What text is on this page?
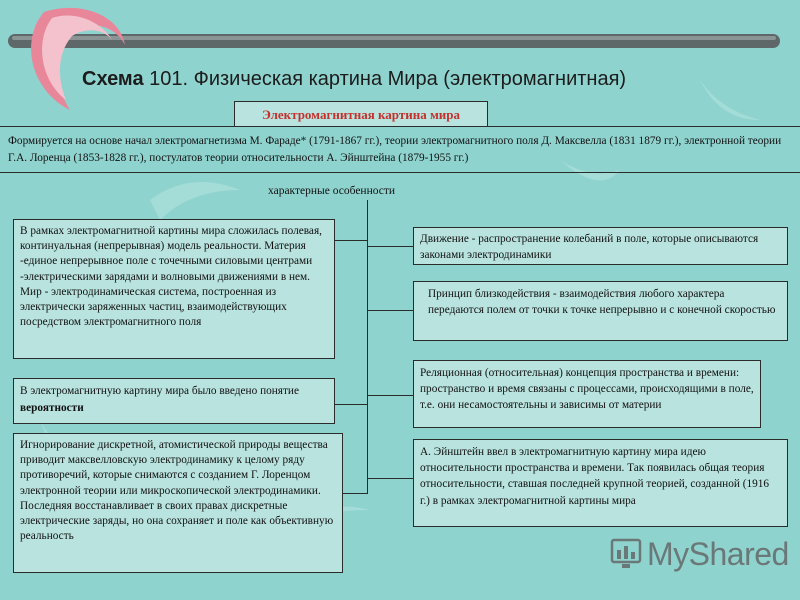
Схема 101. Физическая картина Мира (электромагнитная)
Электромагнитная картина мира
Формируется на основе начал электромагнетизма М. Фараде* (1791-1867 гг.), теории электромагнитного поля Д. Максвелла (1831 1879 гг.), электронной теории Г.А. Лоренца (1853-1828 гг.), постулатов теории относительности А. Эйнштейна (1879-1955 гг.)
характерные особенности
В рамках электромагнитной картины мира сложилась полевая, континуальная (непрерывная) модель реальности. Материя -единое непрерывное поле с точечными силовыми центрами -электрическими зарядами и волновыми движениями в нем. Мир - электродинамическая система, построенная из электрически заряженных частиц, взаимодействующих посредством электромагнитного поля
В электромагнитную картину мира было введено понятие вероятности
Игнорирование дискретной, атомистической природы вещества приводит максвелловскую электродинамику к целому ряду противоречий, которые снимаются с созданием Г. Лоренцом электронной теории или микроскопической электродинамики. Последняя восстанавливает в своих правах дискретные электрические заряды, но она сохраняет и поле как объективную реальность
Движение - распространение колебаний в поле, которые описываются законами электродинамики
Принцип близкодействия - взаимодействия любого характера передаются полем от точки к точке непрерывно и с конечной скоростью
Реляционная (относительная) концепция пространства и времени: пространство и время связаны с процессами, происходящими в поле, т.е. они несамостоятельны и зависимы от материи
А. Эйнштейн ввел в электромагнитную картину мира идею относительности пространства и времени. Так появилась общая теория относительности, ставшая последней крупной теорией, созданной (1916 г.) в рамках электромагнитной картины мира
MyShared
